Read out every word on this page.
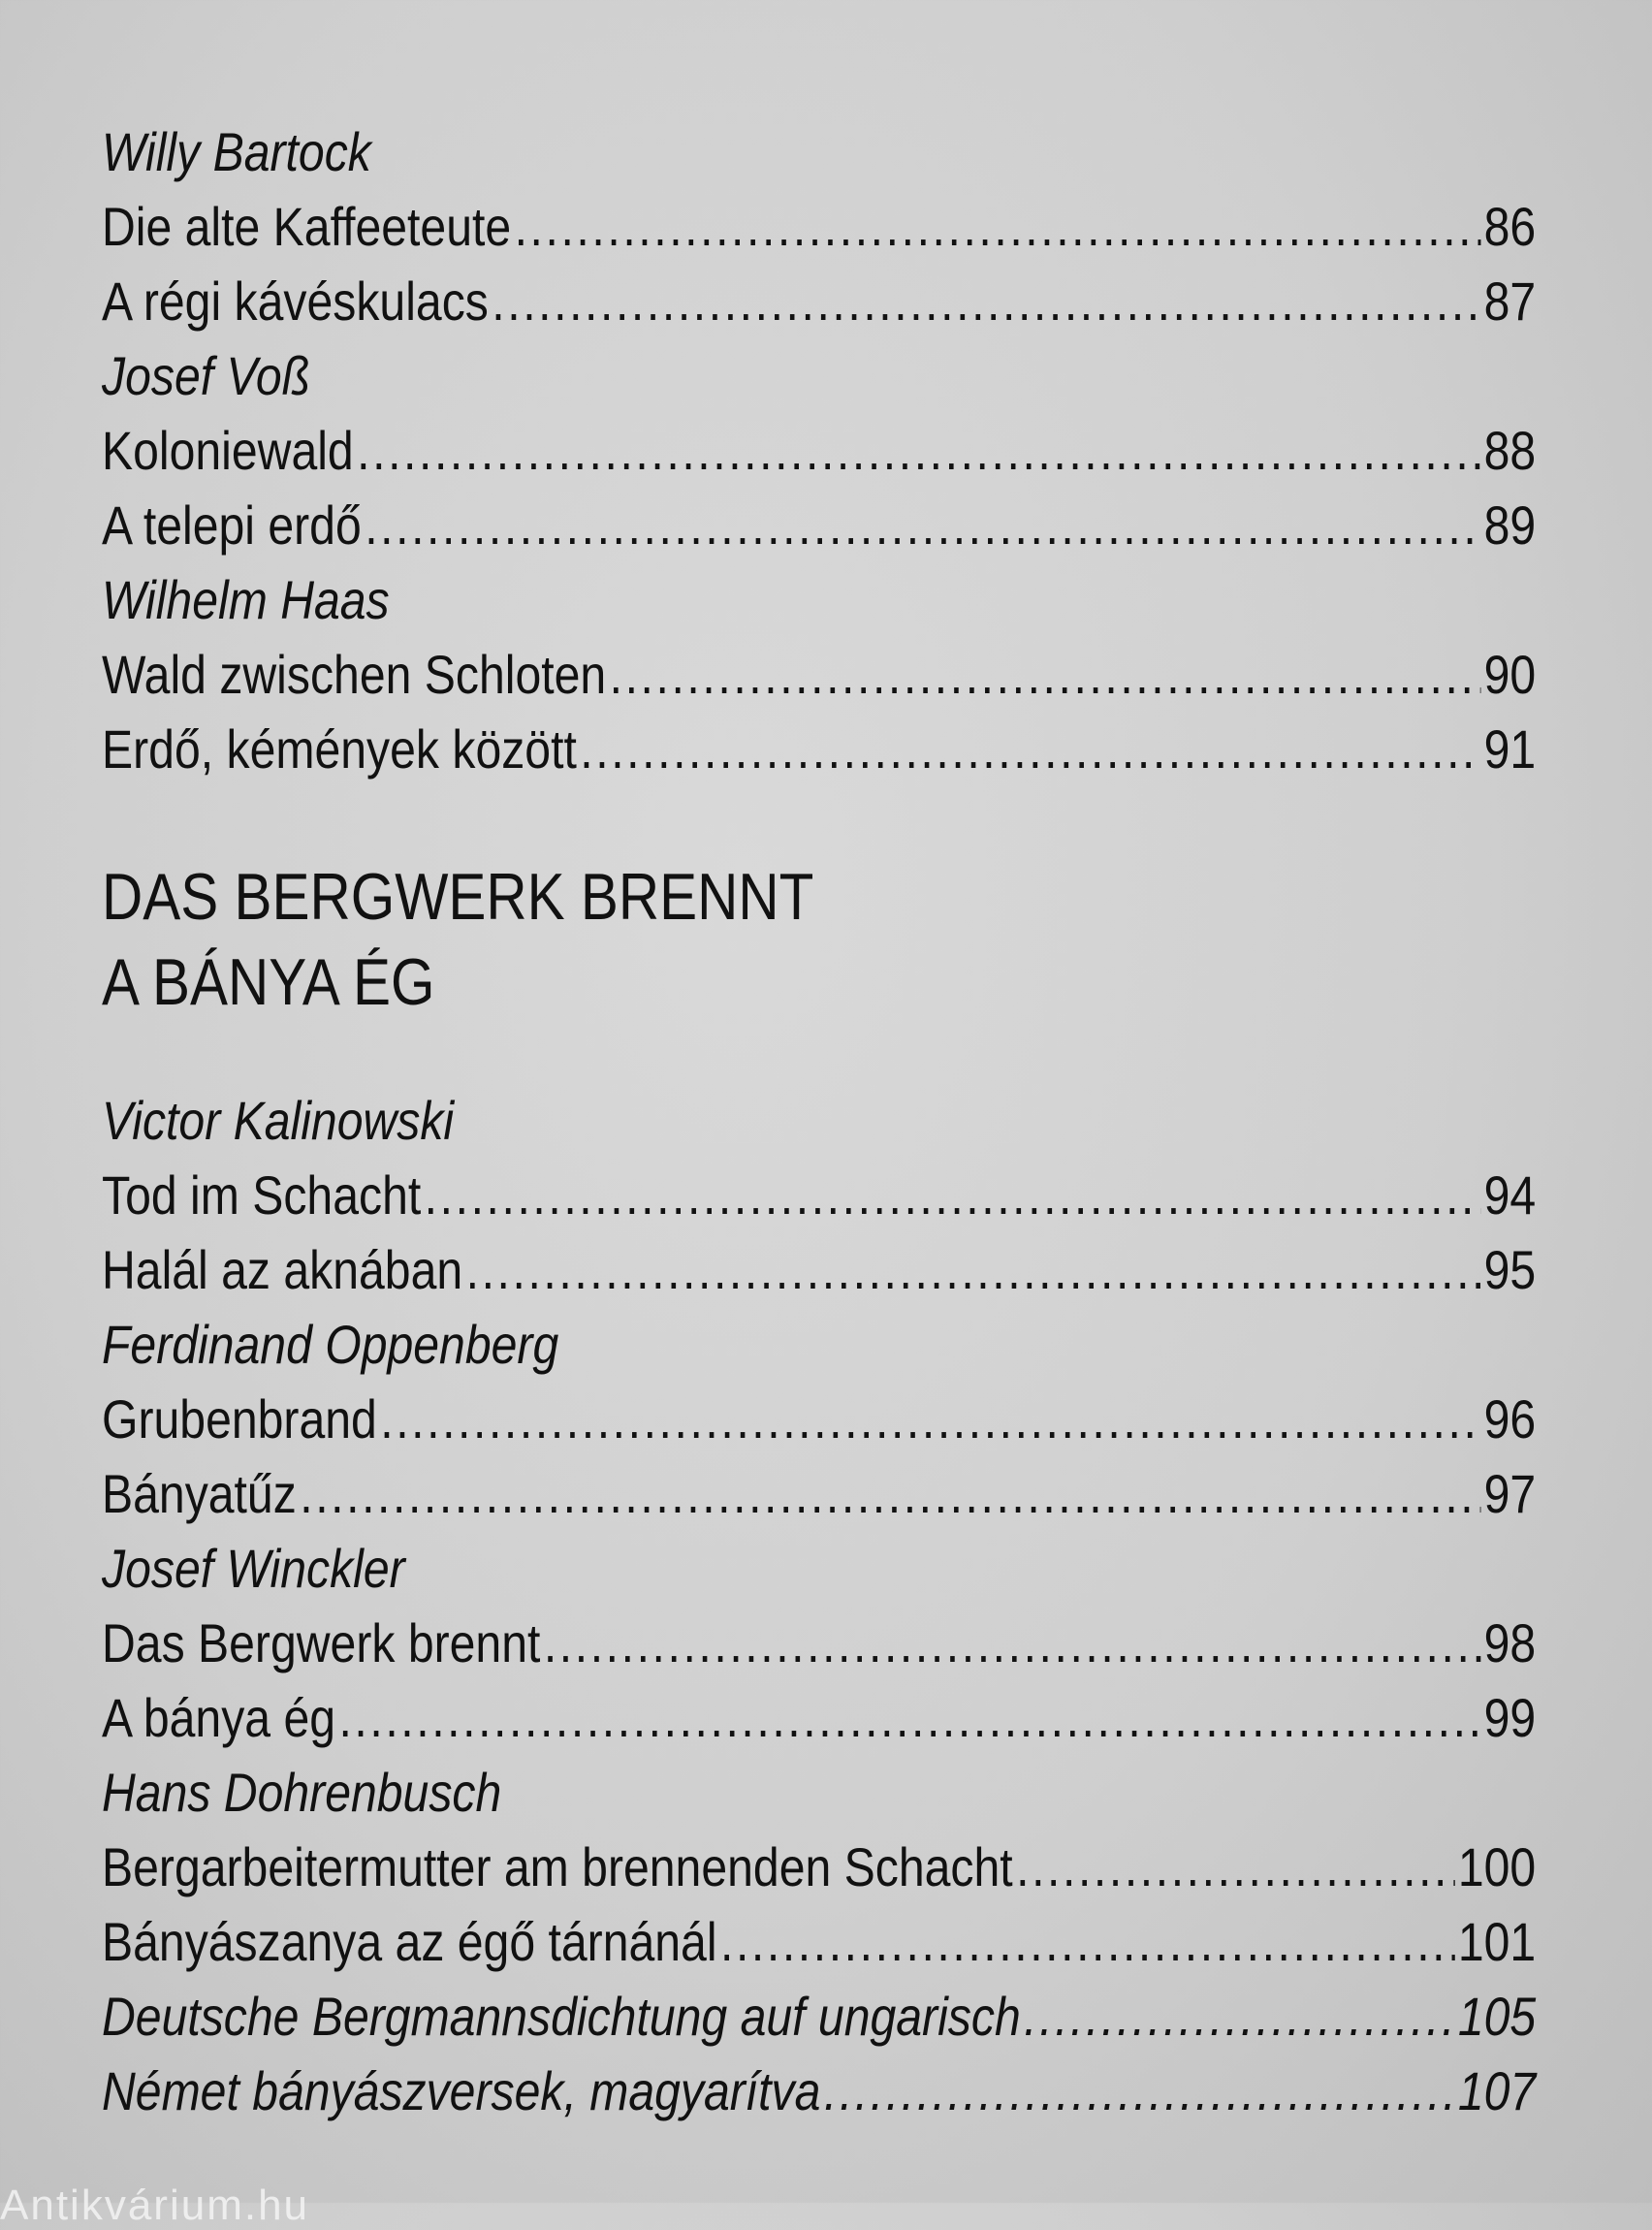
Willy Bartock
Die alte Kaffeeteute .....	86
A régi kávéskulacs .....	87
Josef Voß
Koloniewald .....	88
A telepi erdő .....	89
Wilhelm Haas
Wald zwischen Schloten .....	90
Erdő, kémények között .....	91
DAS BERGWERK BRENNT
A BÁNYA ÉG
Victor Kalinowski
Tod im Schacht .....	94
Halál az aknában .....	95
Ferdinand Oppenberg
Grubenbrand .....	96
Bányatűz .....	97
Josef Winckler
Das Bergwerk brennt .....	98
A bánya ég .....	99
Hans Dohrenbusch
Bergarbeitermutter am brennenden Schacht .....	100
Bányászanya az égő tárnánál .....	101
Deutsche Bergmannsdichtung auf ungarisch .....	105
Német bányászversek, magyarítva .....	107
Antikvárium.hu
